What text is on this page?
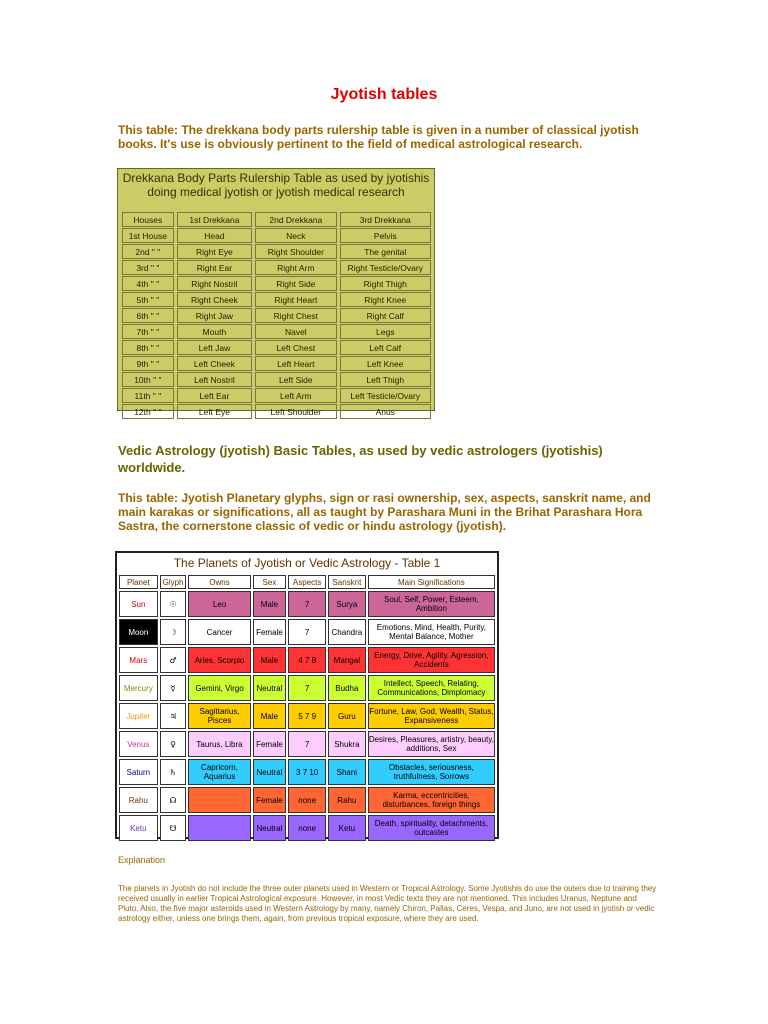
Jyotish tables
This table: The drekkana body parts rulership table is given in a number of classical jyotish books. It's use is obviously pertinent to the field of medical astrological research.
Drekkana Body Parts Rulership Table as used by jyotishis doing medical jyotish or jyotish medical research
Houses	1st Drekkana	2nd Drekkana	3rd Drekkana
1st House	Head	Neck	Pelvis
2nd " "	Right Eye	Right Shoulder	The genital
3rd " "	Right Ear	Right Arm	Right Testicle/Ovary
4th " "	Right Nostril	Right Side	Right Thigh
5th " "	Right Cheek	Right Heart	Right Knee
6th " "	Right Jaw	Right Chest	Right Calf
7th " "	Mouth	Navel	Legs
8th " "	Left Jaw	Left Chest	Left Calf
9th " "	Left Cheek	Left Heart	Left Knee
10th " "	Left Nostril	Left Side	Left Thigh
11th " "	Left Ear	Left Arm	Left Testicle/Ovary
12th " "	Left Eye	Left Shoulder	Anus
Vedic Astrology (jyotish) Basic Tables, as used by vedic astrologers (jyotishis) worldwide.
This table: Jyotish Planetary glyphs, sign or rasi ownership, sex, aspects, sanskrit name, and main karakas or significations, all as taught by Parashara Muni in the Brihat Parashara Hora Sastra, the cornerstone classic of vedic or hindu astrology (jyotish).
The Planets of Jyotish or Vedic Astrology - Table 1
Planet	Glyph	Owns	Sex	Aspects	Sanskrit	Main Significations
Sun	☉	Leo	Male	7	Surya	Soul, Self, Power, Esteem, Ambition
Moon	☽	Cancer	Female	7	Chandra	Emotions, Mind, Health, Purity, Mental Balance, Mother
Mars	♂	Aries, Scorpio	Male	4 7 8	Mangal	Energy, Drive, Agility, Agression, Accidents
Mercury	☿	Gemini, Virgo	Neutral	7	Budha	Intellect, Speech, Relating, Communications, Dimplomacy
Jupiter	♃	Sagittarius, Pisces	Male	5 7 9	Guru	Fortune, Law, God, Wealth, Status, Expansiveness
Venus	♀	Taurus, Libra	Female	7	Shukra	Desires, Pleasures, artistry, beauty, additions, Sex
Saturn	♄	Capricorn, Aquarius	Neutral	3 7 10	Shani	Obstacles, seriousness, truthfulness, Sorrows
Rahu	☊		Female	none	Rahu	Karma, eccentricities, disturbances, foreign things
Ketu	☋		Neutral	none	Ketu	Death, spirituality, detachments, outcastes
Explanation
The planets in Jyotish do not include the three outer planets used in Western or Tropical Astrology. Some Jyotishis do use the outers due to training they received usually in earlier Tropical Astrological exposure. However, in most Vedic texts they are not mentioned. This includes Uranus, Neptune and Pluto. Also, the five major asteroids used in Western Astrology by many, namely Chiron, Pallas, Ceres, Vespa, and Juno, are not used in jyotish or vedic astrology either, unless one brings them, again, from previous tropical exposure, where they are used.
